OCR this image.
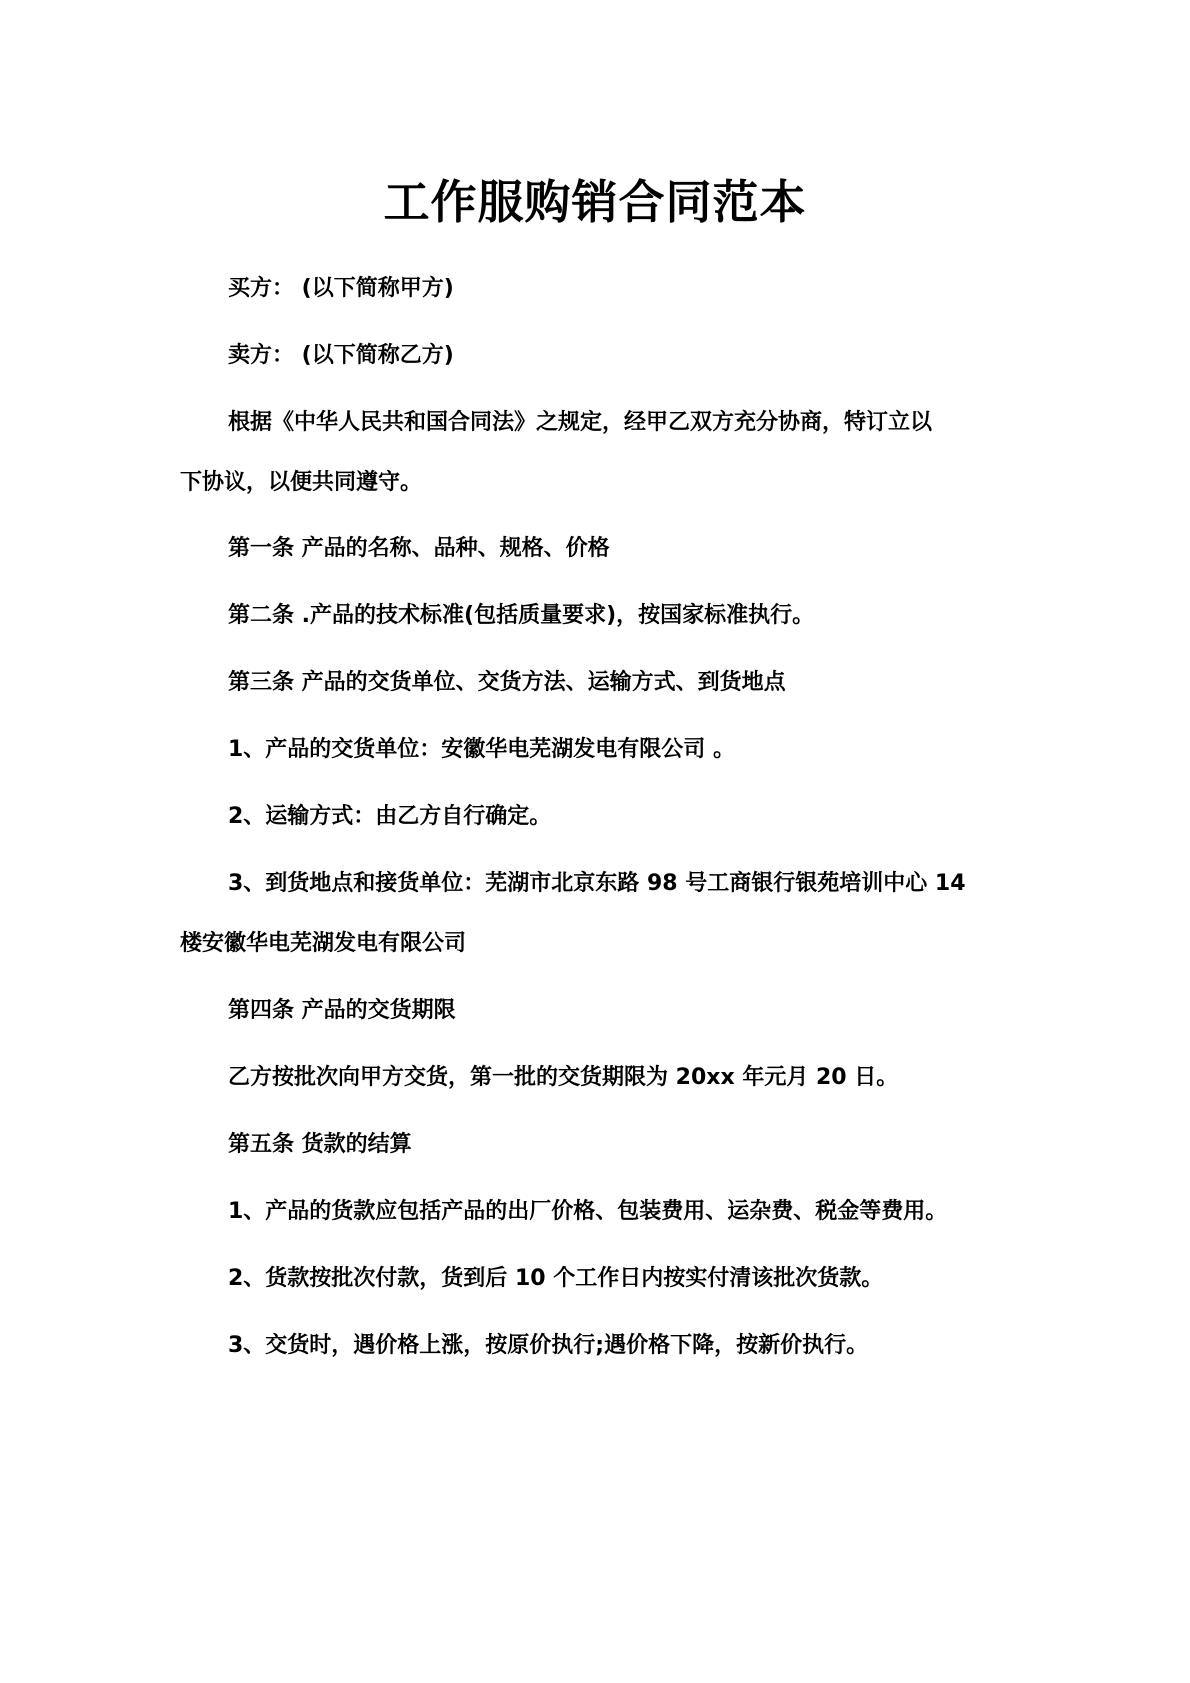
工作服购销合同范本
买方： (以下简称甲方)
卖方： (以下简称乙方)
根据《中华人民共和国合同法》之规定，经甲乙双方充分协商，特订立以
下协议，以便共同遵守。
第一条 产品的名称、品种、规格、价格
第二条 .产品的技术标准(包括质量要求)，按国家标准执行。
第三条 产品的交货单位、交货方法、运输方式、到货地点
1、产品的交货单位：安徽华电芜湖发电有限公司 。
2、运输方式：由乙方自行确定。
3、到货地点和接货单位：芜湖市北京东路 98 号工商银行银苑培训中心 14
楼安徽华电芜湖发电有限公司
第四条 产品的交货期限
乙方按批次向甲方交货，第一批的交货期限为 20xx 年元月 20 日。
第五条 货款的结算
1、产品的货款应包括产品的出厂价格、包装费用、运杂费、税金等费用。
2、货款按批次付款，货到后 10 个工作日内按实付清该批次货款。
3、交货时，遇价格上涨，按原价执行;遇价格下降，按新价执行。
